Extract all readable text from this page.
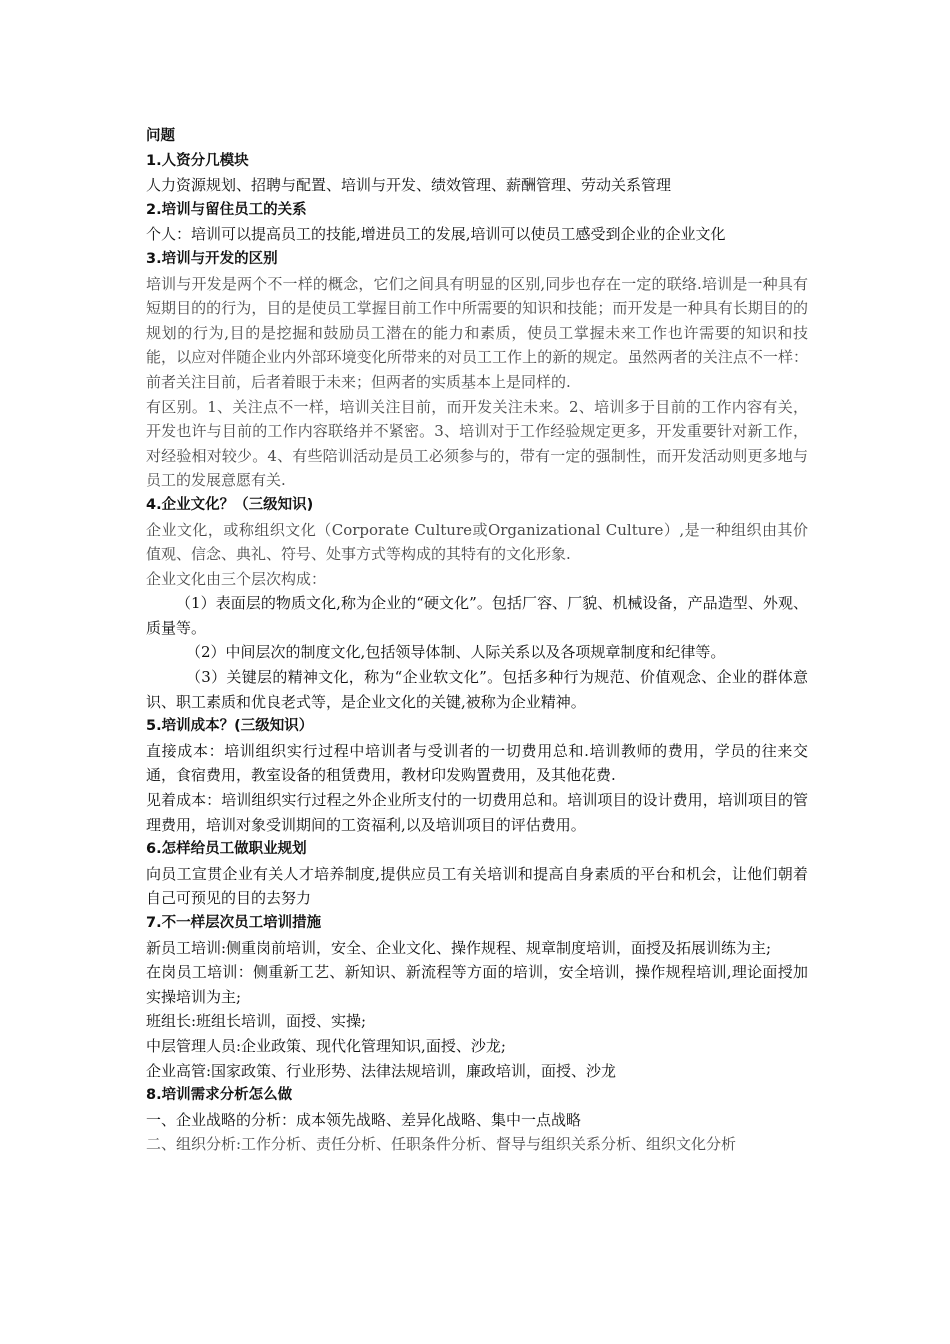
问题
1.人资分几模块
人力资源规划、招聘与配置、培训与开发、绩效管理、薪酬管理、劳动关系管理
2.培训与留住员工的关系
个人：培训可以提高员工的技能,增进员工的发展,培训可以使员工感受到企业的企业文化
3.培训与开发的区别
培训与开发是两个不一样的概念，它们之间具有明显的区别,同步也存在一定的联络.培训是一种具有短期目的的行为，目的是使员工掌握目前工作中所需要的知识和技能；而开发是一种具有长期目的的规划的行为,目的是挖掘和鼓励员工潜在的能力和素质，使员工掌握未来工作也许需要的知识和技能，以应对伴随企业内外部环境变化所带来的对员工工作上的新的规定。虽然两者的关注点不一样：前者关注目前，后者着眼于未来；但两者的实质基本上是同样的.
有区别。1、关注点不一样，培训关注目前，而开发关注未来。2、培训多于目前的工作内容有关，开发也许与目前的工作内容联络并不紧密。3、培训对于工作经验规定更多，开发重要针对新工作，对经验相对较少。4、有些陪训活动是员工必须参与的，带有一定的强制性，而开发活动则更多地与员工的发展意愿有关.
4.企业文化？（三级知识)
企业文化，或称组织文化（Corporate Culture或Organizational Culture）,是一种组织由其价值观、信念、典礼、符号、处事方式等构成的其特有的文化形象.
企业文化由三个层次构成：
（1）表面层的物质文化,称为企业的“硬文化”。包括厂容、厂貌、机械设备，产品造型、外观、质量等。
（2）中间层次的制度文化,包括领导体制、人际关系以及各项规章制度和纪律等。
（3）关键层的精神文化，称为“企业软文化”。包括多种行为规范、价值观念、企业的群体意识、职工素质和优良老式等，是企业文化的关键,被称为企业精神。
5.培训成本？(三级知识）
直接成本：培训组织实行过程中培训者与受训者的一切费用总和.培训教师的费用，学员的往来交通，食宿费用，教室设备的租赁费用，教材印发购置费用，及其他花费.
见着成本：培训组织实行过程之外企业所支付的一切费用总和。培训项目的设计费用，培训项目的管理费用，培训对象受训期间的工资福利,以及培训项目的评估费用。
6.怎样给员工做职业规划
向员工宣贯企业有关人才培养制度,提供应员工有关培训和提高自身素质的平台和机会，让他们朝着自己可预见的目的去努力
7.不一样层次员工培训措施
新员工培训:侧重岗前培训，安全、企业文化、操作规程、规章制度培训，面授及拓展训练为主;
在岗员工培训：侧重新工艺、新知识、新流程等方面的培训，安全培训，操作规程培训,理论面授加实操培训为主;
班组长:班组长培训，面授、实操;
中层管理人员:企业政策、现代化管理知识,面授、沙龙;
企业高管:国家政策、行业形势、法律法规培训，廉政培训，面授、沙龙
8.培训需求分析怎么做
一、企业战略的分析：成本领先战略、差异化战略、集中一点战略
二、组织分析:工作分析、责任分析、任职条件分析、督导与组织关系分析、组织文化分析
